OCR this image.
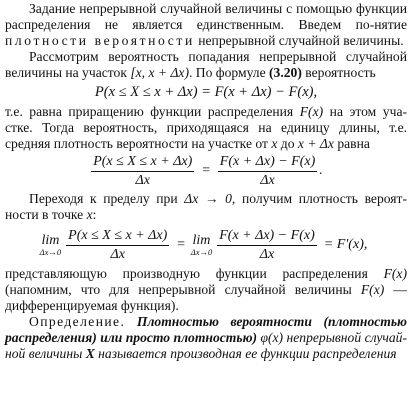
Задание непрерывной случайной величины с помощью функции распределения не является единственным. Введем по-нятие плотности вероятности непрерывной случайной величины.

Рассмотрим вероятность попадания непрерывной случайной величины на участок [x, x + Δx). По формуле (3.20) вероятность

P(x ≤ X ≤ x + Δx) = F(x + Δx) − F(x),

т.е. равна приращению функции распределения F(x) на этом уча-стке. Тогда вероятность, приходящаяся на единицу длины, т.е. средняя плотность вероятности на участке от x до x + Δx равна

$\frac{P(x \le X \le x + \Delta x)}{\Delta x} = \frac{F(x + \Delta x) - F(x)}{\Delta x}$ .

Переходя к пределу при Δx → 0, получим плотность вероят-ности в точке x:

lim
$\Delta x\to 0 \frac{P(x \le X \le x + \Delta x)}{\Delta x} = \lim$
$\Delta x\to 0 \frac{F(x + \Delta x) - F(x)}{\Delta x} = F'(x)$,

представляющую производную функции распределения F(x) (напомним, что для непрерывной случайной величины F(x) — дифференцируемая функция).

Определение. Плотностью вероятности (плотностью распределения) или просто плотностью) φ(x) непрерывной случай-ной величины X называется производная ее функции распределения
